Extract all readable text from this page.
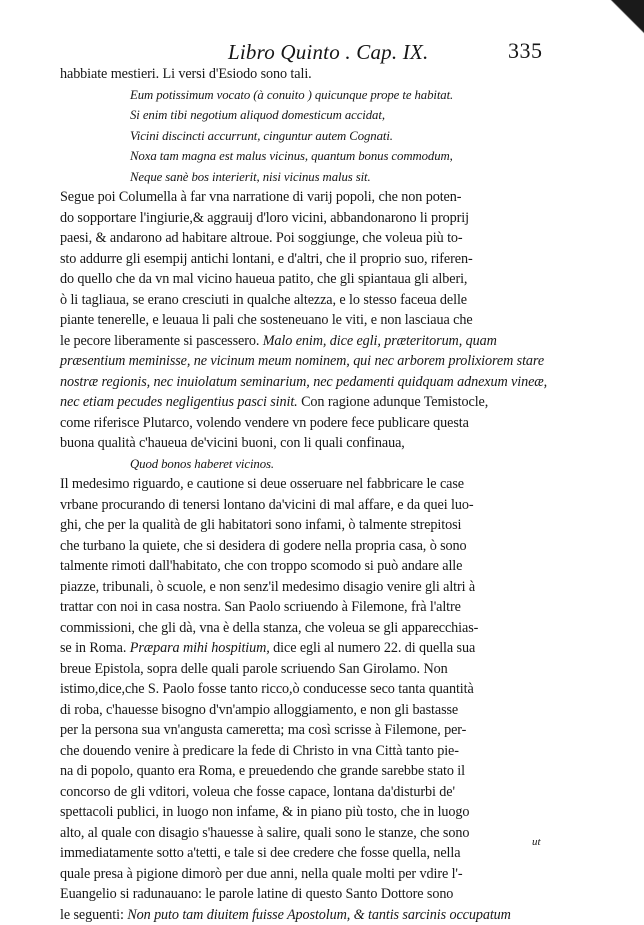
Libro Quinto . Cap. IX.	335
habbiate mestieri. Li versi d'Esiodo sono tali.
Eum potissimum vocato (à conuito ) quicunque prope te habitat.
Si enim tibi negotium aliquod domesticum accidat,
Vicini discincti accurrunt, cinguntur autem Cognati.
Noxa tam magna est malus vicinus, quantum bonus commodum,
Neque sanè bos interierit, nisi vicinus malus sit.
Segue poi Columella à far vna narratione di varij popoli, che non poten-
do sopportare l'ingiurie,& aggrauij d'loro vicini, abbandonarono li proprij
paesi, & andarono ad habitare altroue. Poi soggiunge, che voleua più to-
sto addurre gli esempij antichi lontani, e d'altri, che il proprio suo, riferen-
do quello che da vn mal vicino haueua patito, che gli spiantaua gli alberi,
ò li tagliaua, se erano cresciuti in qualche altezza, e lo stesso faceua delle
piante tenerelle, e leuaua li pali che sosteneuano le viti, e non lasciaua che
le pecore liberamente si pascessero. Malo enim, dice egli, præteritorum, quam
præsentium meminisse, ne vicinum meum nominem, qui nec arborem prolixiorem stare
nostræ regionis, nec inuiolatum seminarium, nec pedamenti quidquam adnexum vineæ,
nec etiam pecudes negligentius pasci sinit. Con ragione adunque Temistocle,
come riferisce Plutarco, volendo vendere vn podere fece publicare questa
buona qualità c'haueua de'vicini buoni, con li quali confinaua,
Quod bonos haberet vicinos.
Il medesimo riguardo, e cautione si deue osseruare nel fabbricare le case
vrbane procurando di tenersi lontano da'vicini di mal affare, e da quei luo-
ghi, che per la qualità de gli habitatori sono infami, ò talmente strepitosi
che turbano la quiete, che si desidera di godere nella propria casa, ò sono
talmente rimoti dall'habitato, che con troppo scomodo si può andare alle
piazze, tribunali, ò scuole, e non senz'il medesimo disagio venire gli altri à
trattar con noi in casa nostra. San Paolo scriuendo à Filemone, frà l'altre
commissioni, che gli dà, vna è della stanza, che voleua se gli apparecchias-
se in Roma. Præpara mihi hospitium, dice egli al numero 22. di quella sua
breue Epistola, sopra delle quali parole scriuendo San Girolamo. Non
istimo,dice,che S. Paolo fosse tanto ricco,ò conducesse seco tanta quantità
di roba, c'hauesse bisogno d'vn'ampio alloggiamento, e non gli bastasse
per la persona sua vn'angusta cameretta; ma così scrisse à Filemone, per-
che douendo venire à predicare la fede di Christo in vna Città tanto pie-
na di popolo, quanto era Roma, e preuedendo che grande sarebbe stato il
concorso de gli vditori, voleua che fosse capace, lontana da'disturbi de'
spettacoli publici, in luogo non infame, & in piano più tosto, che in luogo
alto, al quale con disagio s'hauesse à salire, quali sono le stanze, che sono
immediatamente sotto a'tetti, e tale si dee credere che fosse quella, nella
quale presa à pigione dimorò per due anni, nella quale molti per vdire l'-
Euangelio si radunauano: le parole latine di questo Santo Dottore sono
le seguenti: Non puto tam diuitem fuisse Apostolum, & tantis sarcinis occupatum
ut
